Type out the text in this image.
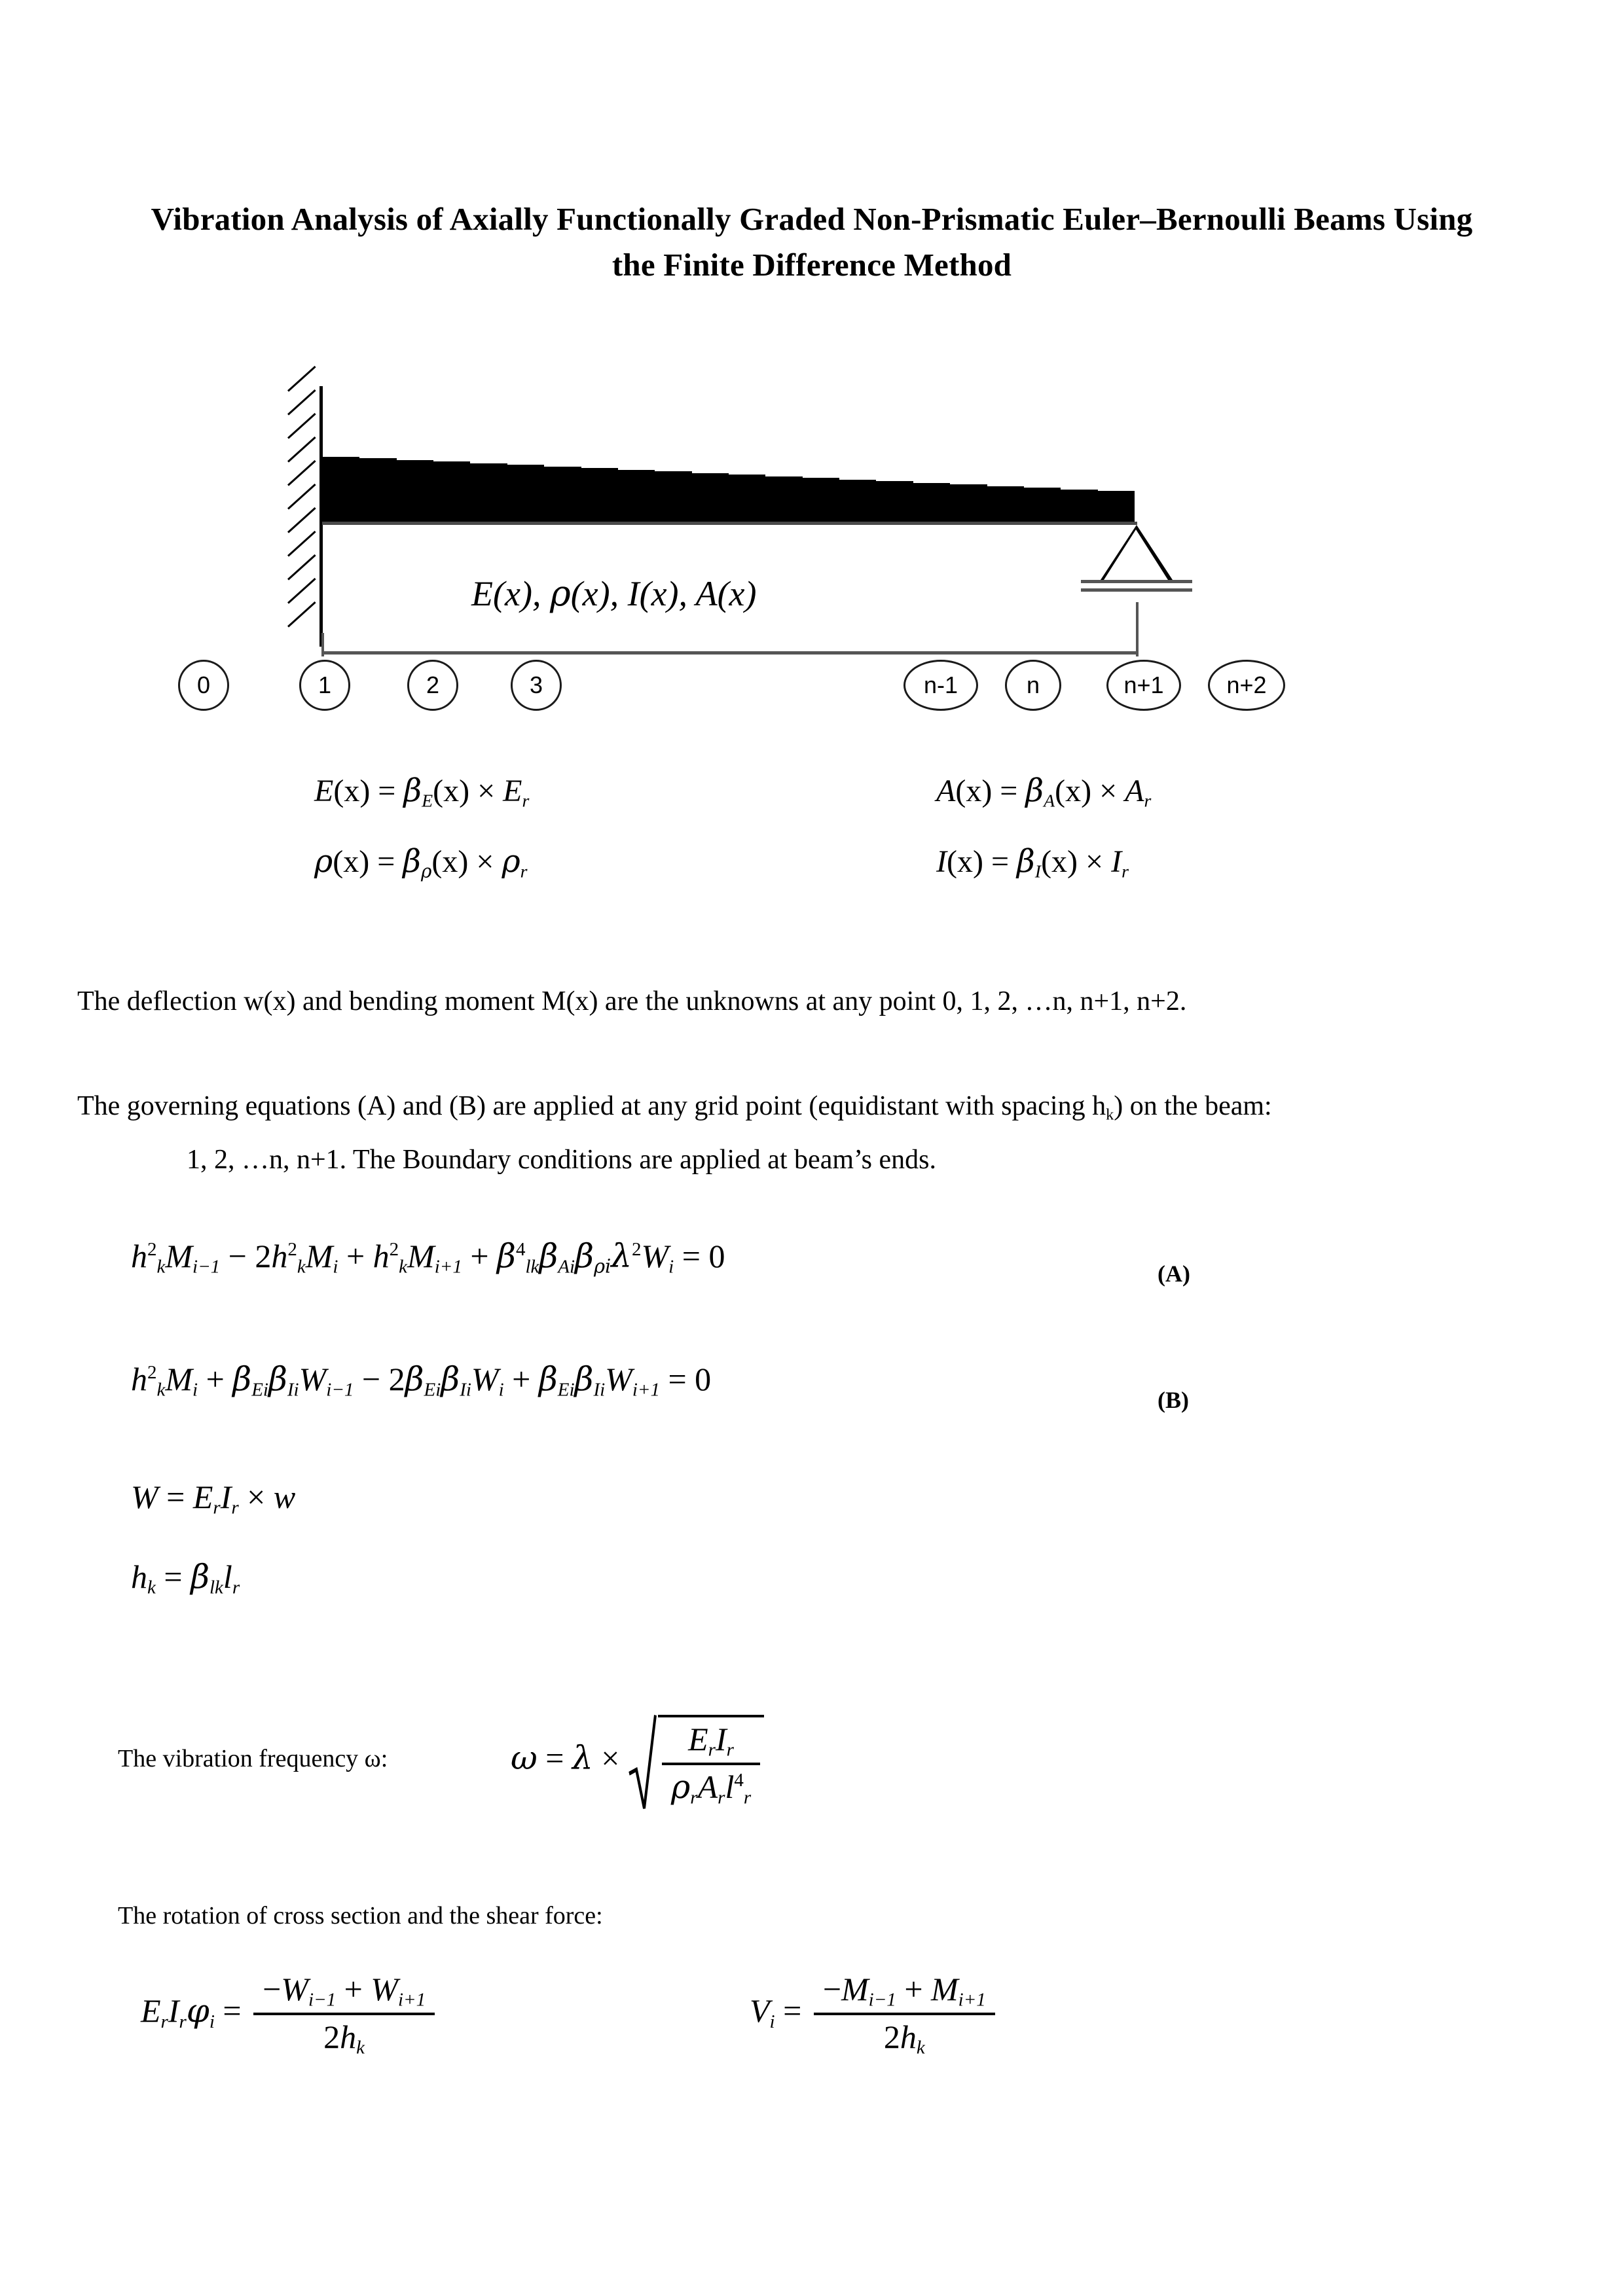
Vibration Analysis of Axially Functionally Graded Non-Prismatic Euler–Bernoulli Beams Using the Finite Difference Method
E(x), ρ(x), I(x), A(x)
0	1	2	3	n-1	n	n+1	n+2
$E(x) = \beta_E(x) \times E_r$
$\rho(x) = \beta_\rho(x) \times \rho_r$
$A(x) = \beta_A(x) \times A_r$
$I(x) = \beta_I(x) \times I_r$
The deflection w(x) and bending moment M(x) are the unknowns at any point 0, 1, 2, …n, n+1, n+2.
The governing equations (A) and (B) are applied at any grid point (equidistant with spacing $h_k$) on the beam:
1, 2, …n, n+1. The Boundary conditions are applied at beam’s ends.
$h^2_kM_{i-1} - 2h^2_kM_i + h^2_kM_{i+1} + \beta^4_{lk}\beta_{Ai}\beta_{\rho i}\lambda^2W_i = 0$	(A)
$h^2_kM_i + \beta_{Ei}\beta_{Ii}W_{i-1} - 2\beta_{Ei}\beta_{Ii}W_i + \beta_{Ei}\beta_{Ii}W_{i+1} = 0$
(B)
$W = E_rI_r \times w$
$h_k = \beta_{lk}l_r$
The vibration frequency ω:	$\omega = \lambda \times \frac{E_rI_r}{\rho_rA_rl^4_r}$
The rotation of cross section and the shear force:
$E_rI_r\varphi_i = \frac{-W_{i-1} + W_{i+1}}{2h_k}$	$V_i = \frac{-M_{i-1} + M_{i+1}}{2h_k}$
